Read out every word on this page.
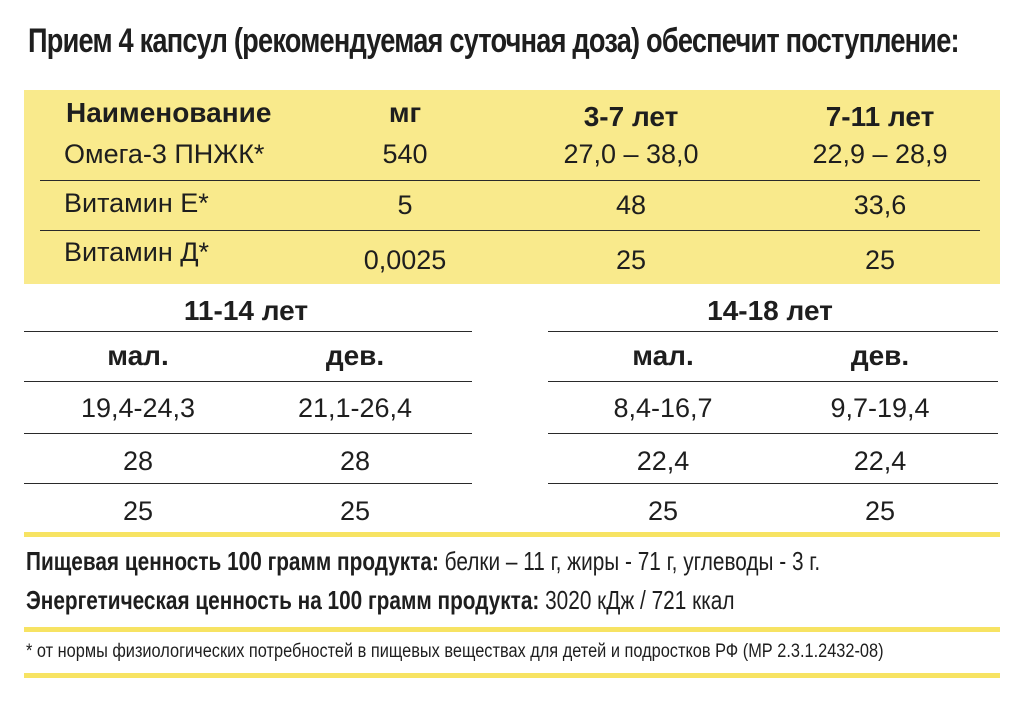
Прием 4 капсул (рекомендуемая суточная доза) обеспечит поступление:
Наименование	мг	3-7 лет	7-11 лет
Омега-3 ПНЖК*	540	27,0 – 38,0	22,9 – 28,9
Витамин Е*	5	48	33,6
Витамин Д*	0,0025	25	25
11-14 лет
мал.	дев.
19,4-24,3	21,1-26,4
28	28
25	25
14-18 лет
мал.	дев.
8,4-16,7	9,7-19,4
22,4	22,4
25	25
Пищевая ценность 100 грамм продукта: белки – 11 г, жиры - 71 г, углеводы - 3 г.
Энергетическая ценность на 100 грамм продукта: 3020 кДж / 721 ккал
* от нормы физиологических потребностей в пищевых веществах для детей и подростков РФ (МР 2.3.1.2432-08)
